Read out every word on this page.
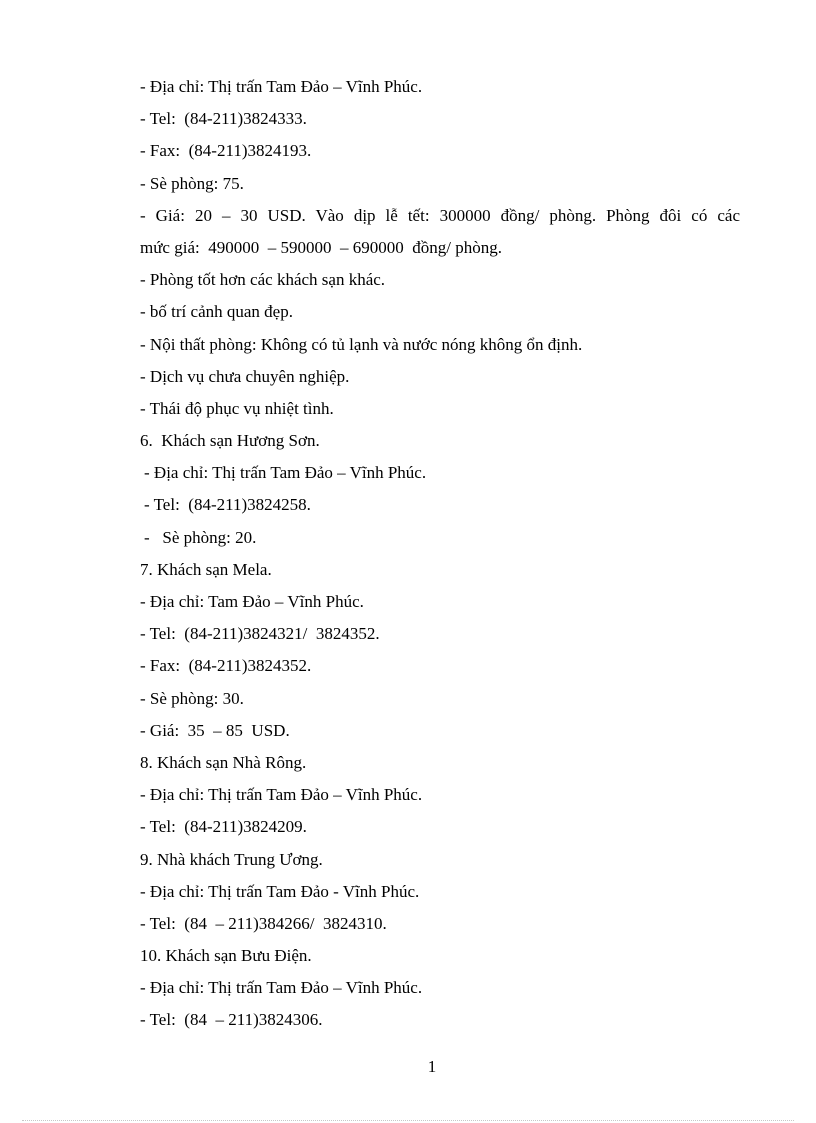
- Địa chỉ: Thị trấn Tam Đảo – Vĩnh Phúc.
- Tel:  (84-211)3824333.
- Fax:  (84-211)3824193.
- Sè phòng: 75.
- Giá: 20 – 30 USD. Vào dịp lễ tết: 300000 đồng/ phòng. Phòng đôi có các
mức giá:  490000  – 590000  – 690000  đồng/ phòng.
- Phòng tốt hơn các khách sạn khác.
- bố trí cảnh quan đẹp.
- Nội thất phòng: Không có tủ lạnh và nước nóng không ổn định.
- Dịch vụ chưa chuyên nghiệp.
- Thái độ phục vụ nhiệt tình.
6.  Khách sạn Hương Sơn.
- Địa chỉ: Thị trấn Tam Đảo – Vĩnh Phúc.
- Tel:  (84-211)3824258.
-   Sè phòng: 20.
7. Khách sạn Mela.
- Địa chỉ: Tam Đảo – Vĩnh Phúc.
- Tel:  (84-211)3824321/  3824352.
- Fax:  (84-211)3824352.
- Sè phòng: 30.
- Giá:  35  – 85  USD.
8. Khách sạn Nhà Rông.
- Địa chỉ: Thị trấn Tam Đảo – Vĩnh Phúc.
- Tel:  (84-211)3824209.
9. Nhà khách Trung Ương.
- Địa chỉ: Thị trấn Tam Đảo - Vĩnh Phúc.
- Tel:  (84  – 211)384266/  3824310.
10. Khách sạn Bưu Điện.
- Địa chỉ: Thị trấn Tam Đảo – Vĩnh Phúc.
- Tel:  (84  – 211)3824306.
1
